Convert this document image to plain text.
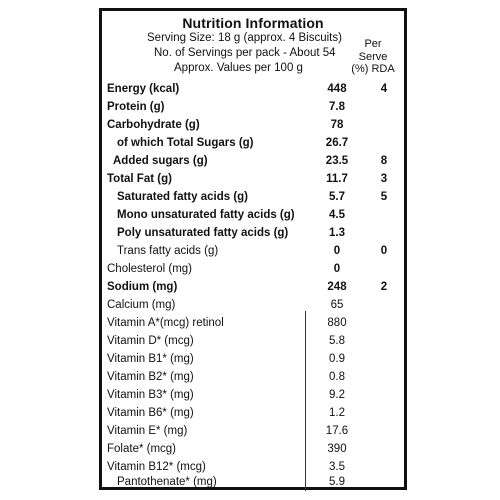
Nutrition Information
Serving Size: 18 g (approx. 4 Biscuits)
No. of Servings per pack - About 54
Approx. Values per 100 g
Per
Serve
(%) RDA
Energy (kcal)	448	4
Protein (g)	7.8
Carbohydrate (g)	78
of which Total Sugars (g)	26.7
Added sugars (g)	23.5	8
Total Fat (g)	11.7	3
Saturated fatty acids (g)	5.7	5
Mono unsaturated fatty acids (g)	4.5
Poly unsaturated fatty acids (g)	1.3
Trans fatty acids (g)	0	0
Cholesterol (mg)	0
Sodium (mg)	248	2
Calcium (mg)	65
Vitamin A*(mcg) retinol	880
Vitamin D* (mcg)	5.8
Vitamin B1* (mg)	0.9
Vitamin B2* (mg)	0.8
Vitamin B3* (mg)	9.2
Vitamin B6* (mg)	1.2
Vitamin E* (mg)	17.6
Folate* (mcg)	390
Vitamin B12* (mcg)	3.5
Pantothenate* (mg)	5.9
